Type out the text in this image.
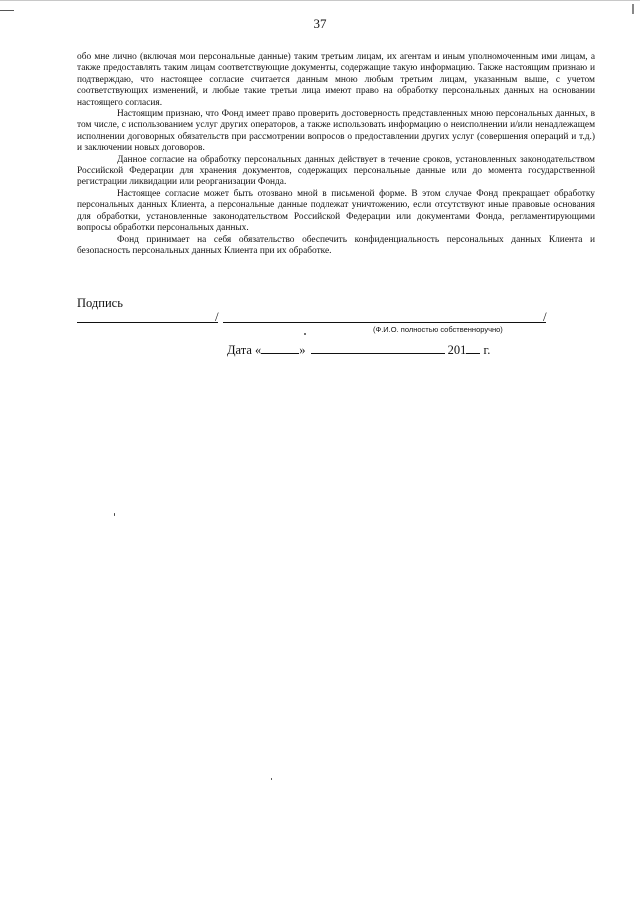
37

обо мне лично (включая мои персональные данные) таким третьим лицам, их агентам и иным уполномоченным ими лицам, а также предоставлять таким лицам соответствующие документы, содержащие такую информацию. Также настоящим признаю и подтверждаю, что настоящее согласие считается данным мною любым третьим лицам, указанным выше, с учетом соответствующих изменений, и любые такие третьи лица имеют право на обработку персональных данных на основании настоящего согласия.

Настоящим признаю, что Фонд имеет право проверить достоверность представленных мною персональных данных, в том числе, с использованием услуг других операторов, а также использовать информацию о неисполнении и/или ненадлежащем исполнении договорных обязательств при рассмотрении вопросов о предоставлении других услуг (совершения операций и т.д.) и заключении новых договоров.

Данное согласие на обработку персональных данных действует в течение сроков, установленных законодательством Российской Федерации для хранения документов, содержащих персональные данные или до момента государственной регистрации ликвидации или реорганизации Фонда.

Настоящее согласие может быть отозвано мной в письменой форме. В этом случае Фонд прекращает обработку персональных данных Клиента, а персональные данные подлежат уничтожению, если отсутствуют иные правовые основания для обработки, установленные законодательством Российской Федерации или документами Фонда, регламентирующими вопросы обработки персональных данных.

Фонд принимает на себя обязательство обеспечить конфиденциальность персональных данных Клиента и безопасность персональных данных Клиента при их обработке.

Подпись
/	/
(Ф.И.О. полностью собственноручно)
Дата «	»	201 г.
